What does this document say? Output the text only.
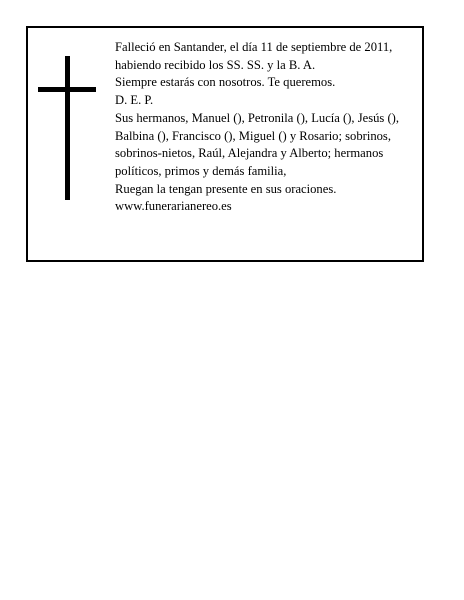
Falleció en Santander, el día 11 de septiembre de 2011,

habiendo recibido los SS. SS. y la B. A.

Siempre estarás con nosotros. Te queremos.

D. E. P.

Sus hermanos, Manuel (), Petronila (), Lucía (), Jesús (), Balbina (), Francisco (), Miguel () y Rosario; sobrinos, sobrinos-nietos, Raúl, Alejandra y Alberto; hermanos políticos, primos y demás familia,

Ruegan la tengan presente en sus oraciones.

www.funerarianereo.es
